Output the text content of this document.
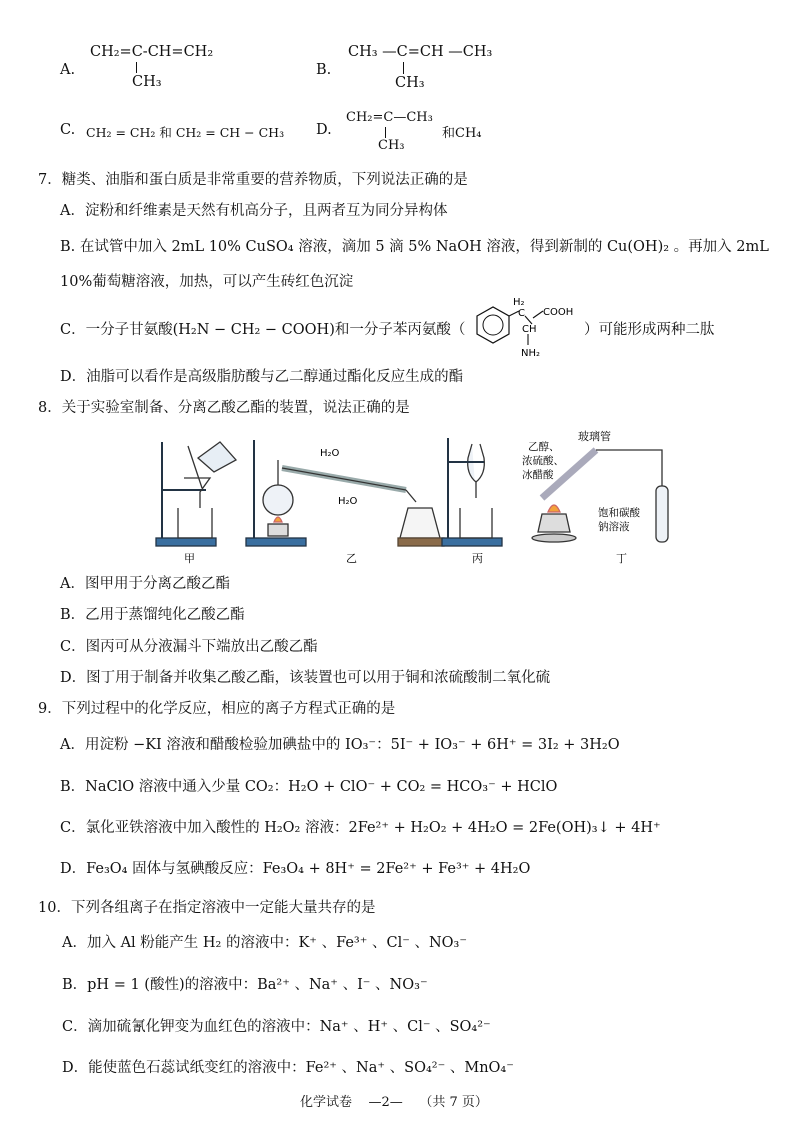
A.
CH₂=C-CH=CH₂
CH₃
B.
CH₃ —C=CH —CH₃
CH₃
C. CH₂ = CH₂ 和 CH₂ = CH − CH₃ D.
CH₂=C—CH₃
CH₃
和CH₄
7．糖类、油脂和蛋白质是非常重要的营养物质，下列说法正确的是
A．淀粉和纤维素是天然有机高分子，且两者互为同分异构体
B. 在试管中加入 2mL 10% CuSO₄ 溶液，滴加 5 滴 5% NaOH 溶液，得到新制的 Cu(OH)₂ 。再加入 2mL
10%葡萄糖溶液，加热，可以产生砖红色沉淀
C．一分子甘氨酸(H₂N − CH₂ − COOH)和一分子苯丙氨酸（
H₂
C COOH
CH
NH₂
）可能形成两种二肽
D．油脂可以看作是高级脂肪酸与乙二醇通过酯化反应生成的酯
8．关于实验室制备、分离乙酸乙酯的装置，说法正确的是
H₂O
H₂O
玻璃管
乙醇、
浓硫酸、
冰醋酸
饱和碳酸
钠溶液
甲	乙	丙	丁
A．图甲用于分离乙酸乙酯
B．乙用于蒸馏纯化乙酸乙酯
C．图丙可从分液漏斗下端放出乙酸乙酯
D．图丁用于制备并收集乙酸乙酯，该装置也可以用于铜和浓硫酸制二氧化硫
9．下列过程中的化学反应，相应的离子方程式正确的是
A．用淀粉 −KI 溶液和醋酸检验加碘盐中的 IO₃⁻：5I⁻ + IO₃⁻ + 6H⁺ = 3I₂ + 3H₂O
B．NaClO 溶液中通入少量 CO₂：H₂O + ClO⁻ + CO₂ = HCO₃⁻ + HClO
C．氯化亚铁溶液中加入酸性的 H₂O₂ 溶液：2Fe²⁺ + H₂O₂ + 4H₂O = 2Fe(OH)₃↓ + 4H⁺
D．Fe₃O₄ 固体与氢碘酸反应：Fe₃O₄ + 8H⁺ = 2Fe²⁺ + Fe³⁺ + 4H₂O
10．下列各组离子在指定溶液中一定能大量共存的是
A．加入 Al 粉能产生 H₂ 的溶液中：K⁺ 、Fe³⁺ 、Cl⁻ 、NO₃⁻
B．pH = 1 (酸性)的溶液中：Ba²⁺ 、Na⁺ 、I⁻ 、NO₃⁻
C．滴加硫氰化钾变为血红色的溶液中：Na⁺ 、H⁺ 、Cl⁻ 、SO₄²⁻
D．能使蓝色石蕊试纸变红的溶液中：Fe²⁺ 、Na⁺ 、SO₄²⁻ 、MnO₄⁻
化学试卷    —2—    （共 7 页）
